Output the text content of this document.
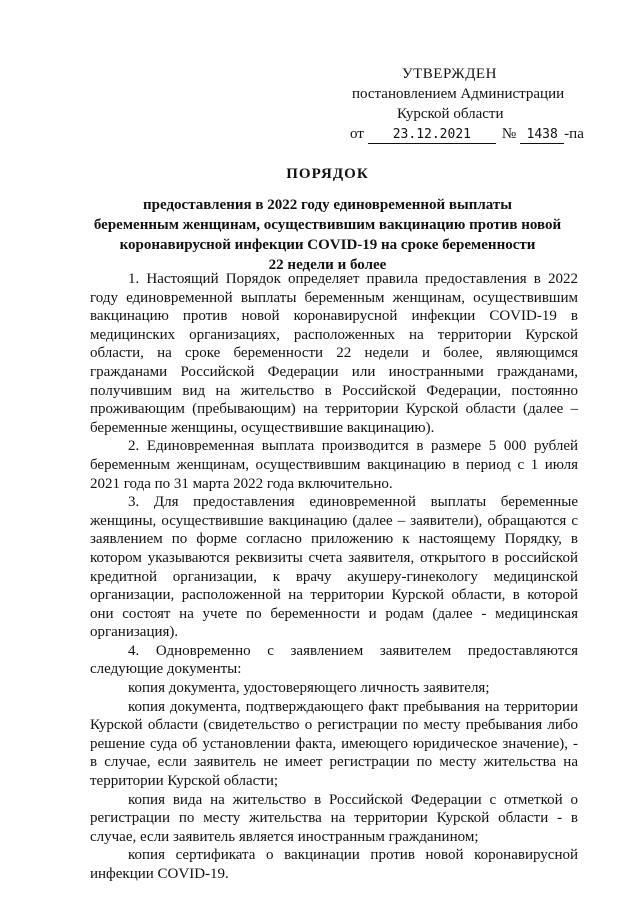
УТВЕРЖДЕН
постановлением Администрации
Курской области
от	23.12.2021	№ 1438 -па
ПОРЯДОК
предоставления в 2022 году единовременной выплаты
беременным женщинам, осуществившим вакцинацию против новой
коронавирусной инфекции COVID-19 на сроке беременности
22 недели и более

1. Настоящий Порядок определяет правила предоставления в 2022 году единовременной выплаты беременным женщинам, осуществившим вакцинацию против новой коронавирусной инфекции COVID-19 в медицинских организациях, расположенных на территории Курской области, на сроке беременности 22 недели и более, являющимся гражданами Российской Федерации или иностранными гражданами, получившим вид на жительство в Российской Федерации, постоянно проживающим (пребывающим) на территории Курской области (далее – беременные женщины, осуществившие вакцинацию).

2. Единовременная выплата производится в размере 5 000 рублей беременным женщинам, осуществившим вакцинацию в период с 1 июля 2021 года по 31 марта 2022 года включительно.

3. Для предоставления единовременной выплаты беременные женщины, осуществившие вакцинацию (далее – заявители), обращаются с заявлением по форме согласно приложению к настоящему Порядку, в котором указываются реквизиты счета заявителя, открытого в российской кредитной организации, к врачу акушеру-гинекологу медицинской организации, расположенной на территории Курской области, в которой они состоят на учете по беременности и родам (далее - медицинская организация).

4. Одновременно с заявлением заявителем предоставляются следующие документы:

копия документа, удостоверяющего личность заявителя;

копия документа, подтверждающего факт пребывания на территории Курской области (свидетельство о регистрации по месту пребывания либо решение суда об установлении факта, имеющего юридическое значение), - в случае, если заявитель не имеет регистрации по месту жительства на территории Курской области;

копия вида на жительство в Российской Федерации с отметкой о регистрации по месту жительства на территории Курской области - в случае, если заявитель является иностранным гражданином;

копия сертификата о вакцинации против новой коронавирусной инфекции COVID-19.
